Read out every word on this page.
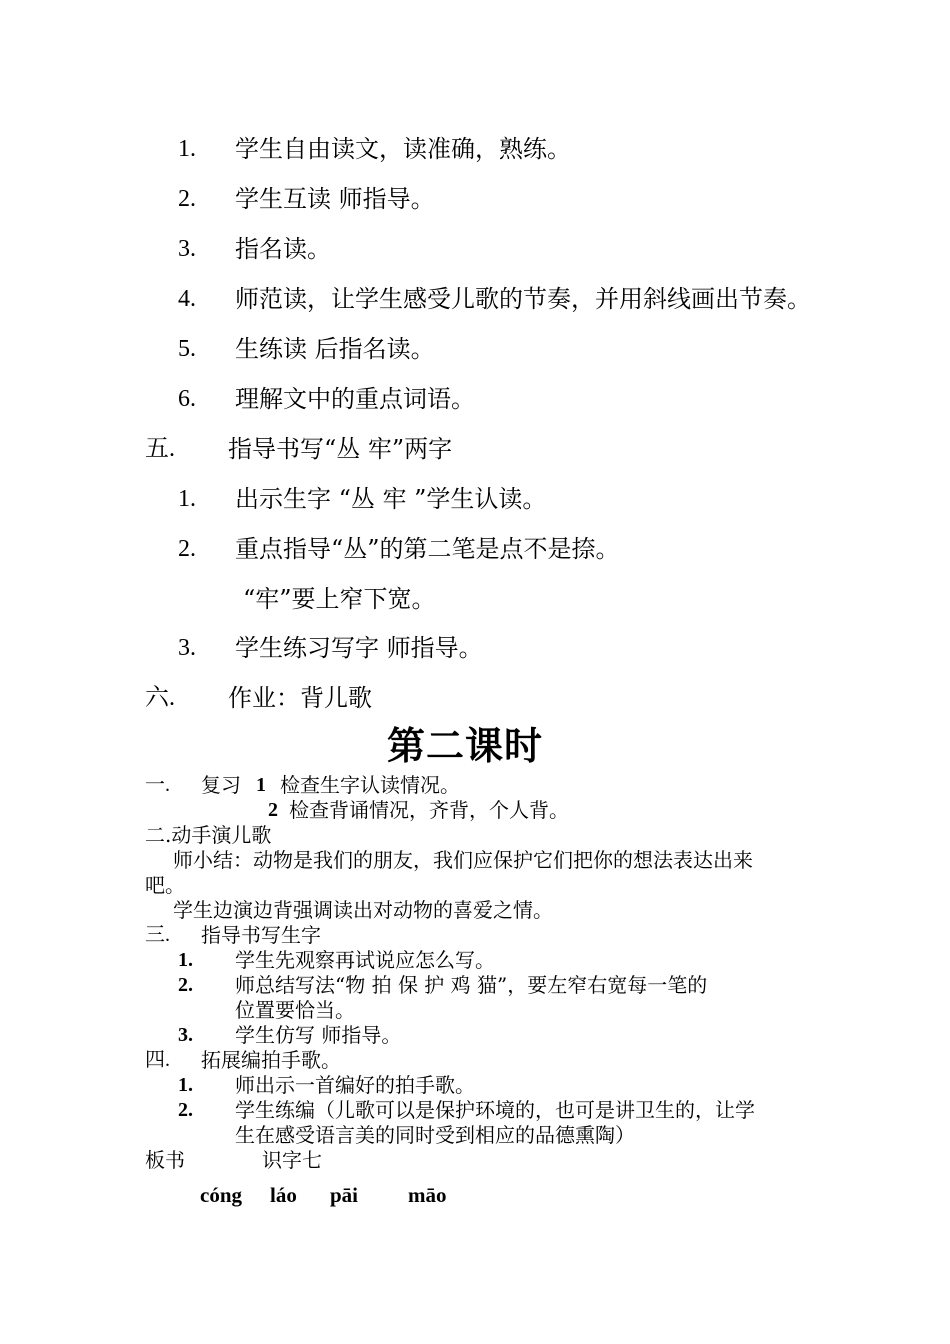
1. 学生自由读文，读准确，熟练。
2. 学生互读 师指导。
3. 指名读。
4. 师范读，让学生感受儿歌的节奏，并用斜线画出节奏。
5. 生练读 后指名读。
6. 理解文中的重点词语。
五. 指导书写“丛 牢”两字
1. 出示生字 “丛 牢 ”学生认读。
2. 重点指导“丛”的第二笔是点不是捺。
“牢”要上窄下宽。
3. 学生练习写字 师指导。
六. 作业：背儿歌
第二课时
一. 复习 1 检查生字认读情况。
2 检查背诵情况，齐背，个人背。
二.动手演儿歌
师小结：动物是我们的朋友，我们应保护它们把你的想法表达出来
吧。
学生边演边背强调读出对动物的喜爱之情。
三. 指导书写生字
1. 学生先观察再试说应怎么写。
2. 师总结写法“物 拍 保 护 鸡 猫”，要左窄右宽每一笔的
位置要恰当。
3. 学生仿写 师指导。
四. 拓展编拍手歌。
1. 师出示一首编好的拍手歌。
2. 学生练编（儿歌可以是保护环境的，也可是讲卫生的，让学
生在感受语言美的同时受到相应的品德熏陶）
板书	识字七
cóng láo pāi māo
